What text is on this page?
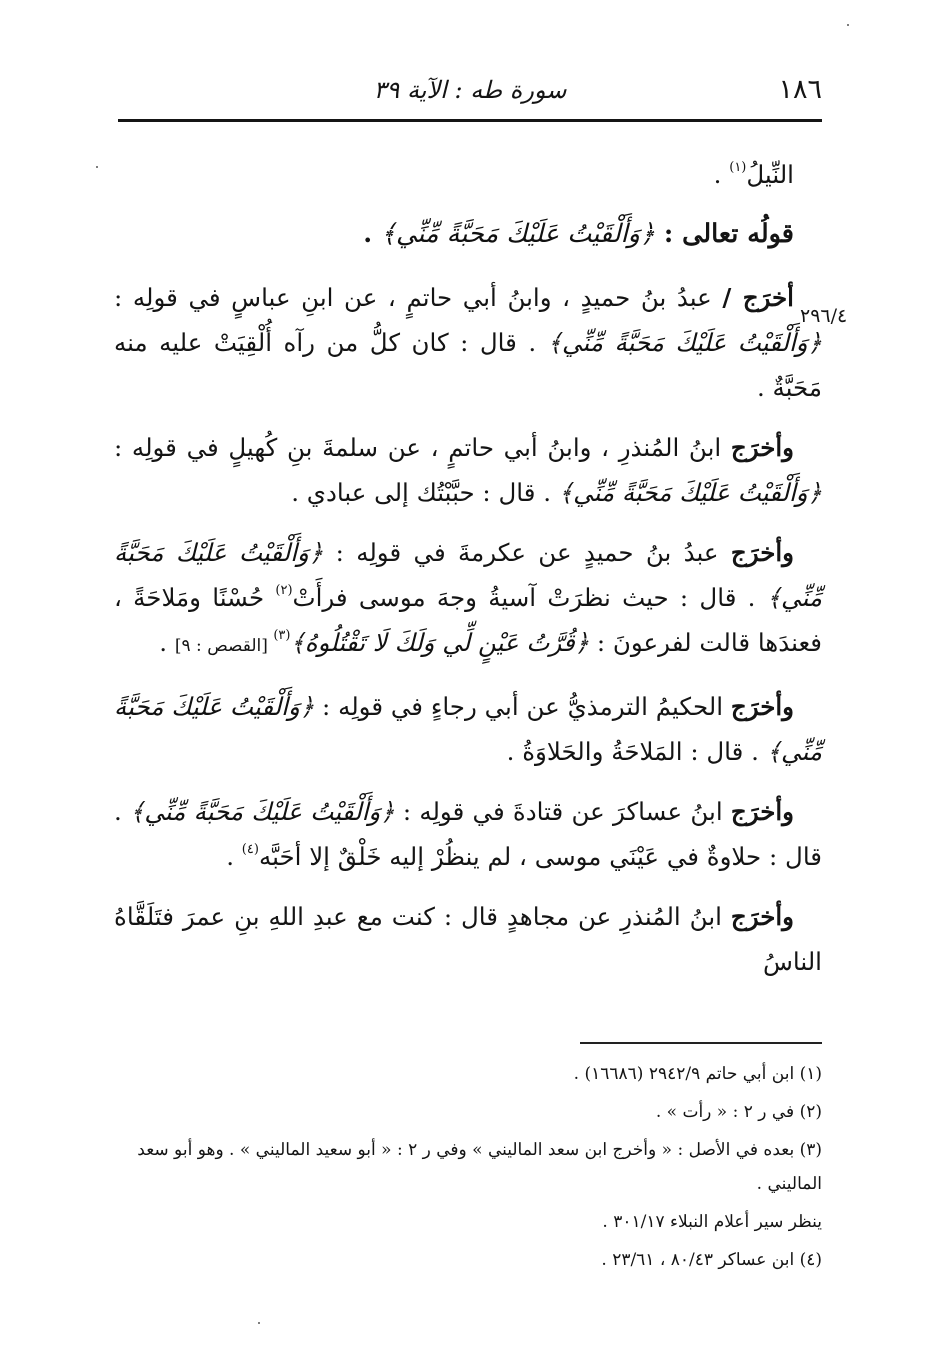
١٨٦
سورة طه : الآية ٣٩
٢٩٦/٤

النِّيلُ$^{(١)}$ .

قولُه تعالى : ﴿وَأَلْقَيْتُ عَلَيْكَ مَحَبَّةً مِّنِّي﴾ .

أخرَج / عبدُ بنُ حميدٍ ، وابنُ أبي حاتمٍ ، عن ابنِ عباسٍ في قولِه : ﴿وَأَلْقَيْتُ عَلَيْكَ مَحَبَّةً مِّنِّي﴾ . قال : كان كلُّ من رآه أُلْقِيَتْ عليه منه مَحَبَّةٌ .

وأخرَج ابنُ المُنذرِ ، وابنُ أبي حاتمٍ ، عن سلمةَ بنِ كُهيلٍ في قولِه : ﴿وَأَلْقَيْتُ عَلَيْكَ مَحَبَّةً مِّنِّي﴾ . قال : حبَّبْتُك إلى عبادي .

وأخرَج عبدُ بنُ حميدٍ عن عكرمةَ في قولِه : ﴿وَأَلْقَيْتُ عَلَيْكَ مَحَبَّةً مِّنِّي﴾ . قال : حيث نظرَتْ آسيةُ وجهَ موسى فرأَتْ$^{(٢)}$ حُسْنًا ومَلاحَةً ، فعندَها قالت لفرعونَ : ﴿قُرَّتُ عَيْنٍ لِّي وَلَكَ لَا تَقْتُلُوهُ﴾$^{(٣)}$ [القصص : ٩] .

وأخرَج الحكيمُ الترمذيُّ عن أبي رجاءٍ في قولِه : ﴿وَأَلْقَيْتُ عَلَيْكَ مَحَبَّةً مِّنِّي﴾ . قال : المَلاحَةُ والحَلاوَةُ .

وأخرَج ابنُ عساكرَ عن قتادةَ في قولِه : ﴿وَأَلْقَيْتُ عَلَيْكَ مَحَبَّةً مِّنِّي﴾ . قال : حلاوةٌ في عَيْنَي موسى ، لم ينظُرْ إليه خَلْقٌ إلا أحَبَّه$^{(٤)}$ .

وأخرَج ابنُ المُنذرِ عن مجاهدٍ قال : كنت مع عبدِ اللهِ بنِ عمرَ فتَلَقَّاهُ الناسُ

(١) ابن أبي حاتم ٢٩٤٢/٩ (١٦٦٨٦) .
(٢) في ر ٢ : « رأت » .
(٣) بعده في الأصل : « وأخرج ابن سعد الماليني » وفي ر ٢ : « أبو سعيد الماليني » . وهو أبو سعد الماليني .
ينظر سير أعلام النبلاء ٣٠١/١٧ .
(٤) ابن عساكر ٨٠/٤٣ ، ٢٣/٦١ .
